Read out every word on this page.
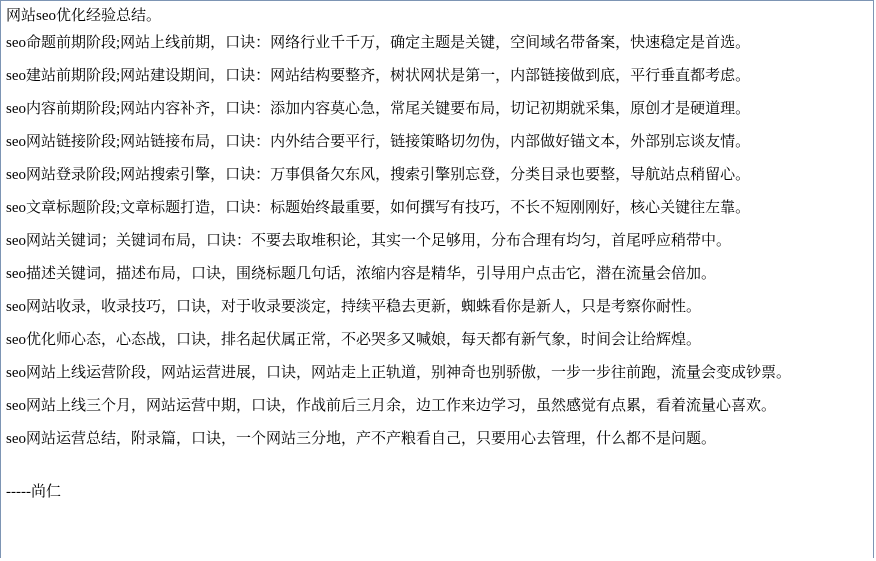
网站seo优化经验总结。

seo命题前期阶段;网站上线前期，口诀：网络行业千千万，确定主题是关键，空间域名带备案，快速稳定是首选。

seo建站前期阶段;网站建设期间，口诀：网站结构要整齐，树状网状是第一，内部链接做到底，平行垂直都考虑。

seo内容前期阶段;网站内容补齐，口诀：添加内容莫心急，常尾关键要布局，切记初期就采集，原创才是硬道理。

seo网站链接阶段;网站链接布局，口诀：内外结合要平行，链接策略切勿伪，内部做好锚文本，外部别忘谈友情。

seo网站登录阶段;网站搜索引擎，口诀：万事俱备欠东风，搜索引擎别忘登，分类目录也要整，导航站点稍留心。

seo文章标题阶段;文章标题打造，口诀：标题始终最重要，如何撰写有技巧，不长不短刚刚好，核心关键往左靠。

seo网站关键词；关键词布局，口诀：不要去取堆积论，其实一个足够用，分布合理有均匀，首尾呼应稍带中。

seo描述关键词，描述布局，口诀，围绕标题几句话，浓缩内容是精华，引导用户点击它，潜在流量会倍加。

seo网站收录，收录技巧，口诀，对于收录要淡定，持续平稳去更新，蜘蛛看你是新人，只是考察你耐性。

seo优化师心态，心态战，口诀，排名起伏属正常，不必哭多又喊娘，每天都有新气象，时间会让给辉煌。

seo网站上线运营阶段，网站运营进展，口诀，网站走上正轨道，别神奇也别骄傲，一步一步往前跑，流量会变成钞票。

seo网站上线三个月，网站运营中期，口诀，作战前后三月余，边工作来边学习，虽然感觉有点累，看着流量心喜欢。

seo网站运营总结，附录篇，口诀，一个网站三分地，产不产粮看自己，只要用心去管理，什么都不是问题。

-----尚仁
